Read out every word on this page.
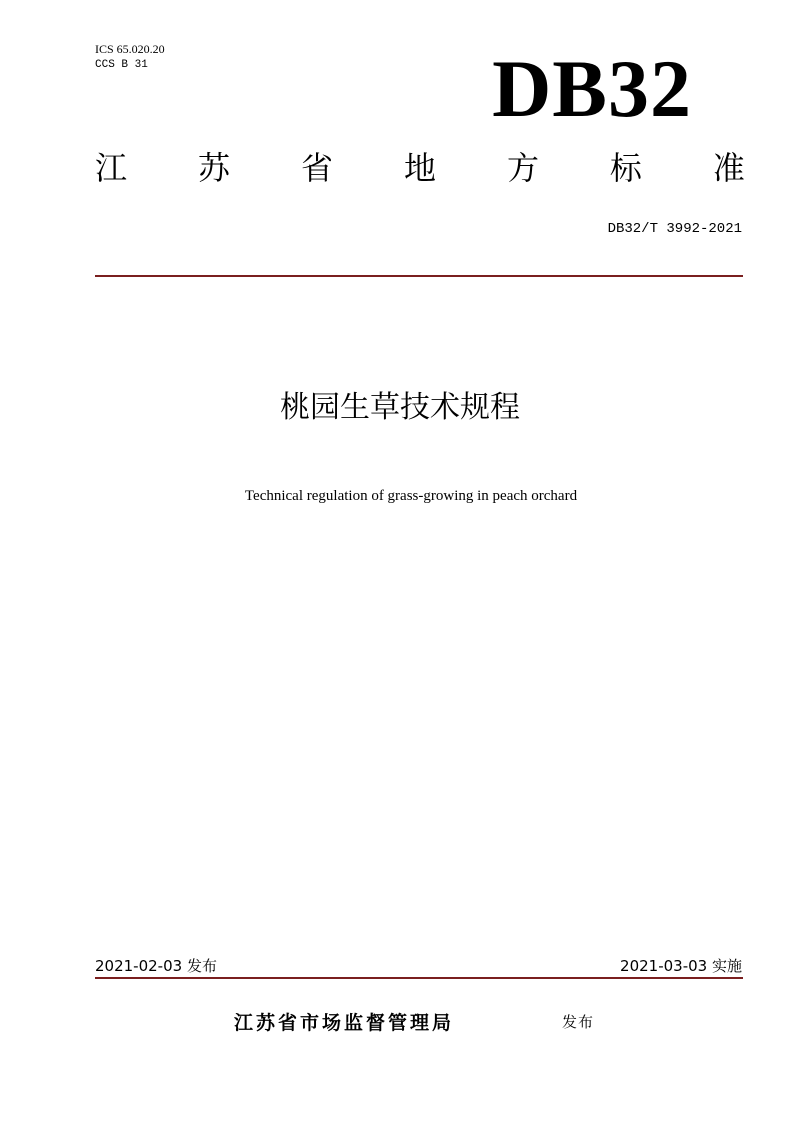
ICS 65.020.20
CCS B 31	DB32
江 苏 省 地 方 标 准
DB32/T 3992-2021
桃园生草技术规程
Technical regulation of grass-growing in peach orchard
2021-02-03 发布	2021-03-03 实施
江苏省市场监督管理局	发布
